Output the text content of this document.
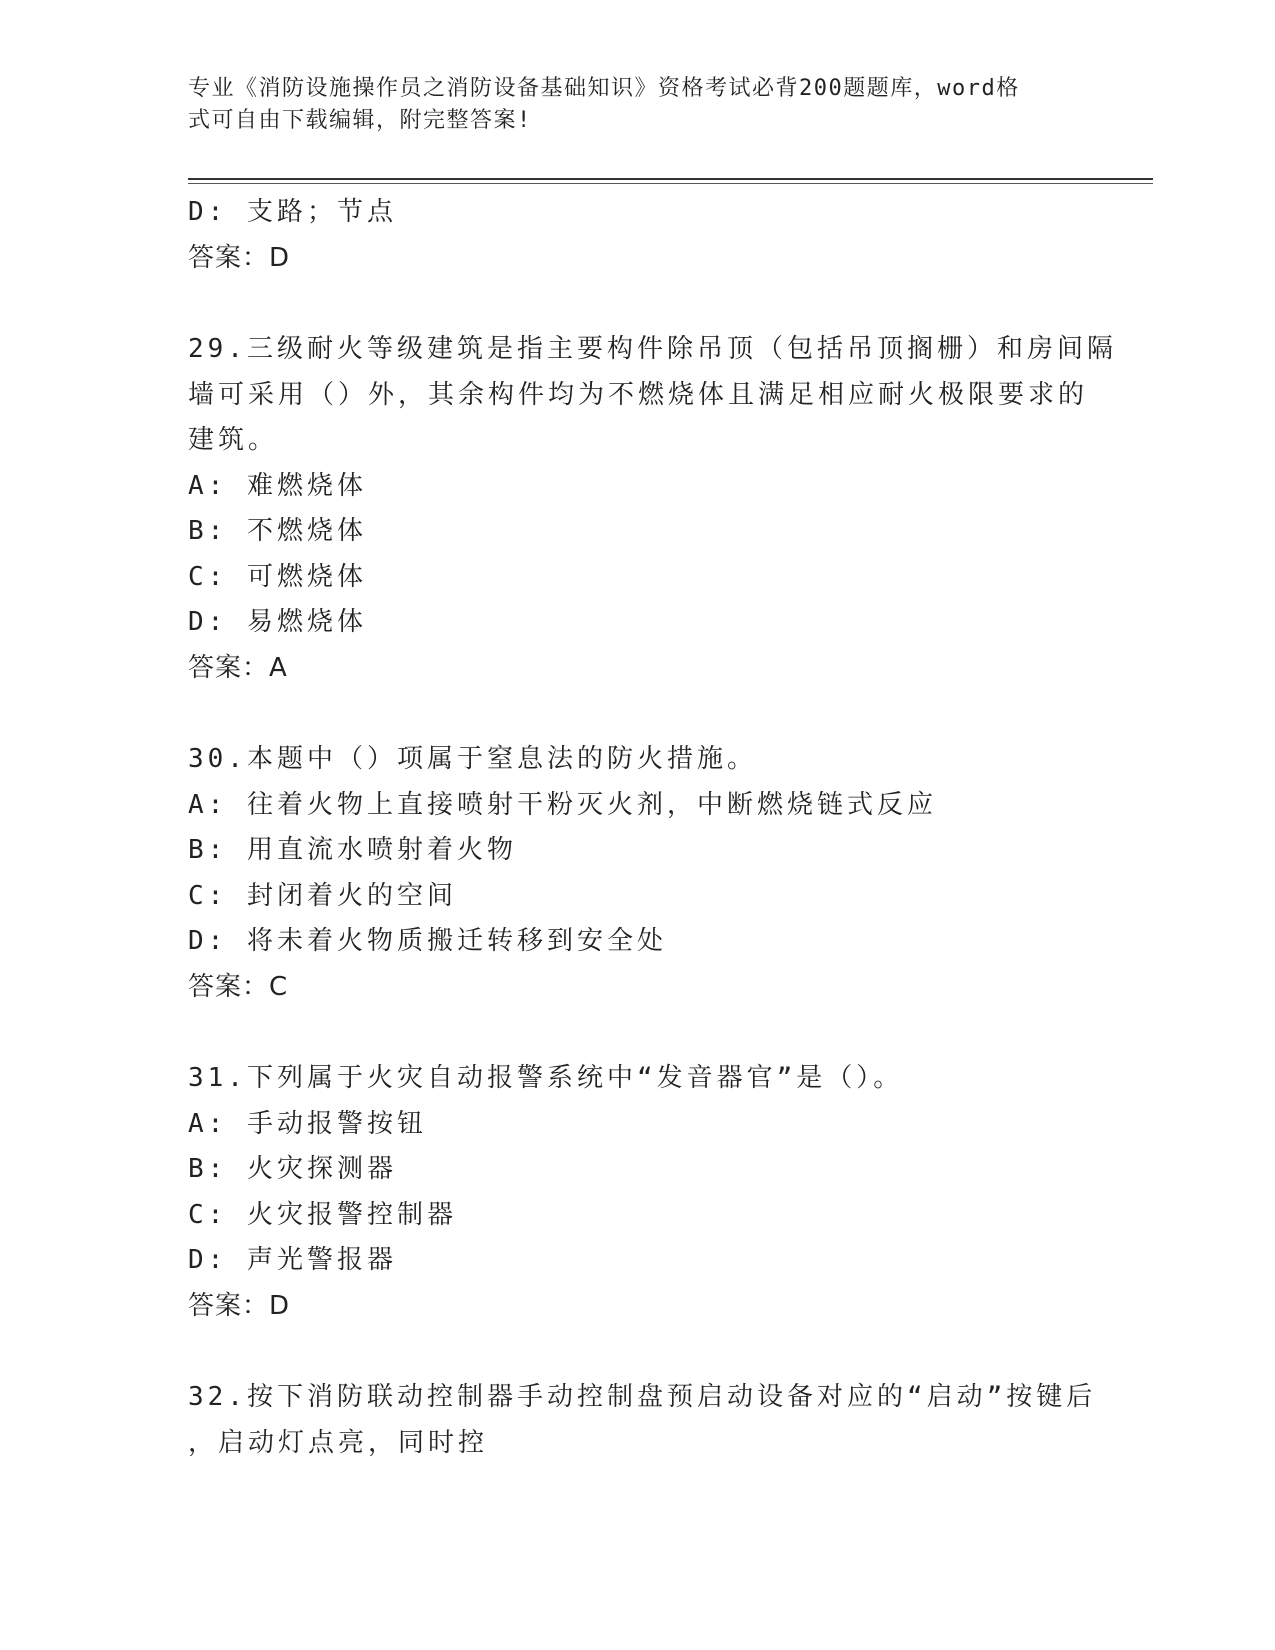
专业《消防设施操作员之消防设备基础知识》资格考试必背200题题库，word格
式可自由下载编辑，附完整答案!
D: 支路；节点
答案：D
29.三级耐火等级建筑是指主要构件除吊顶（包括吊顶搁栅）和房间隔
墙可采用（）外，其余构件均为不燃烧体且满足相应耐火极限要求的
建筑。
A: 难燃烧体
B: 不燃烧体
C: 可燃烧体
D: 易燃烧体
答案：A
30.本题中（）项属于窒息法的防火措施。
A: 往着火物上直接喷射干粉灭火剂，中断燃烧链式反应
B: 用直流水喷射着火物
C: 封闭着火的空间
D: 将未着火物质搬迁转移到安全处
答案：C
31.下列属于火灾自动报警系统中“发音器官”是（）。
A: 手动报警按钮
B: 火灾探测器
C: 火灾报警控制器
D: 声光警报器
答案：D
32.按下消防联动控制器手动控制盘预启动设备对应的“启动”按键后
，启动灯点亮，同时控
